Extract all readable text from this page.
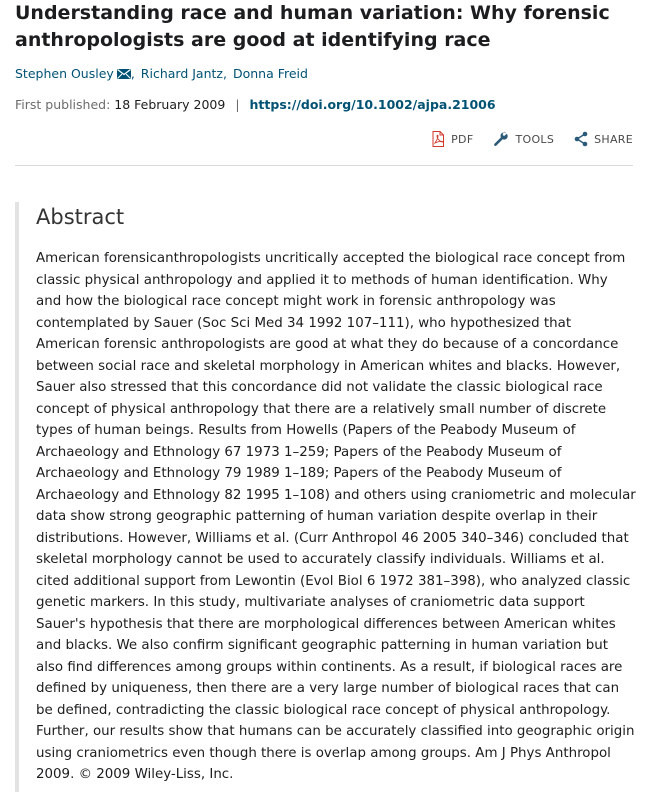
Understanding race and human variation: Why forensic anthropologists are good at identifying race
Stephen Ousley , Richard Jantz, Donna Freid
First published: 18 February 2009 | https://doi.org/10.1002/ajpa.21006
PDF	TOOLS	SHARE
Abstract

American forensicanthropologists uncritically accepted the biological race concept from classic physical anthropology and applied it to methods of human identification. Why and how the biological race concept might work in forensic anthropology was contemplated by Sauer (Soc Sci Med 34 1992 107–111), who hypothesized that American forensic anthropologists are good at what they do because of a concordance between social race and skeletal morphology in American whites and blacks. However, Sauer also stressed that this concordance did not validate the classic biological race concept of physical anthropology that there are a relatively small number of discrete types of human beings. Results from Howells (Papers of the Peabody Museum of Archaeology and Ethnology 67 1973 1–259; Papers of the Peabody Museum of Archaeology and Ethnology 79 1989 1–189; Papers of the Peabody Museum of Archaeology and Ethnology 82 1995 1–108) and others using craniometric and molecular data show strong geographic patterning of human variation despite overlap in their distributions. However, Williams et al. (Curr Anthropol 46 2005 340–346) concluded that skeletal morphology cannot be used to accurately classify individuals. Williams et al. cited additional support from Lewontin (Evol Biol 6 1972 381–398), who analyzed classic genetic markers. In this study, multivariate analyses of craniometric data support Sauer's hypothesis that there are morphological differences between American whites and blacks. We also confirm significant geographic patterning in human variation but also find differences among groups within continents. As a result, if biological races are defined by uniqueness, then there are a very large number of biological races that can be defined, contradicting the classic biological race concept of physical anthropology. Further, our results show that humans can be accurately classified into geographic origin using craniometrics even though there is overlap among groups. Am J Phys Anthropol 2009. © 2009 Wiley-Liss, Inc.
